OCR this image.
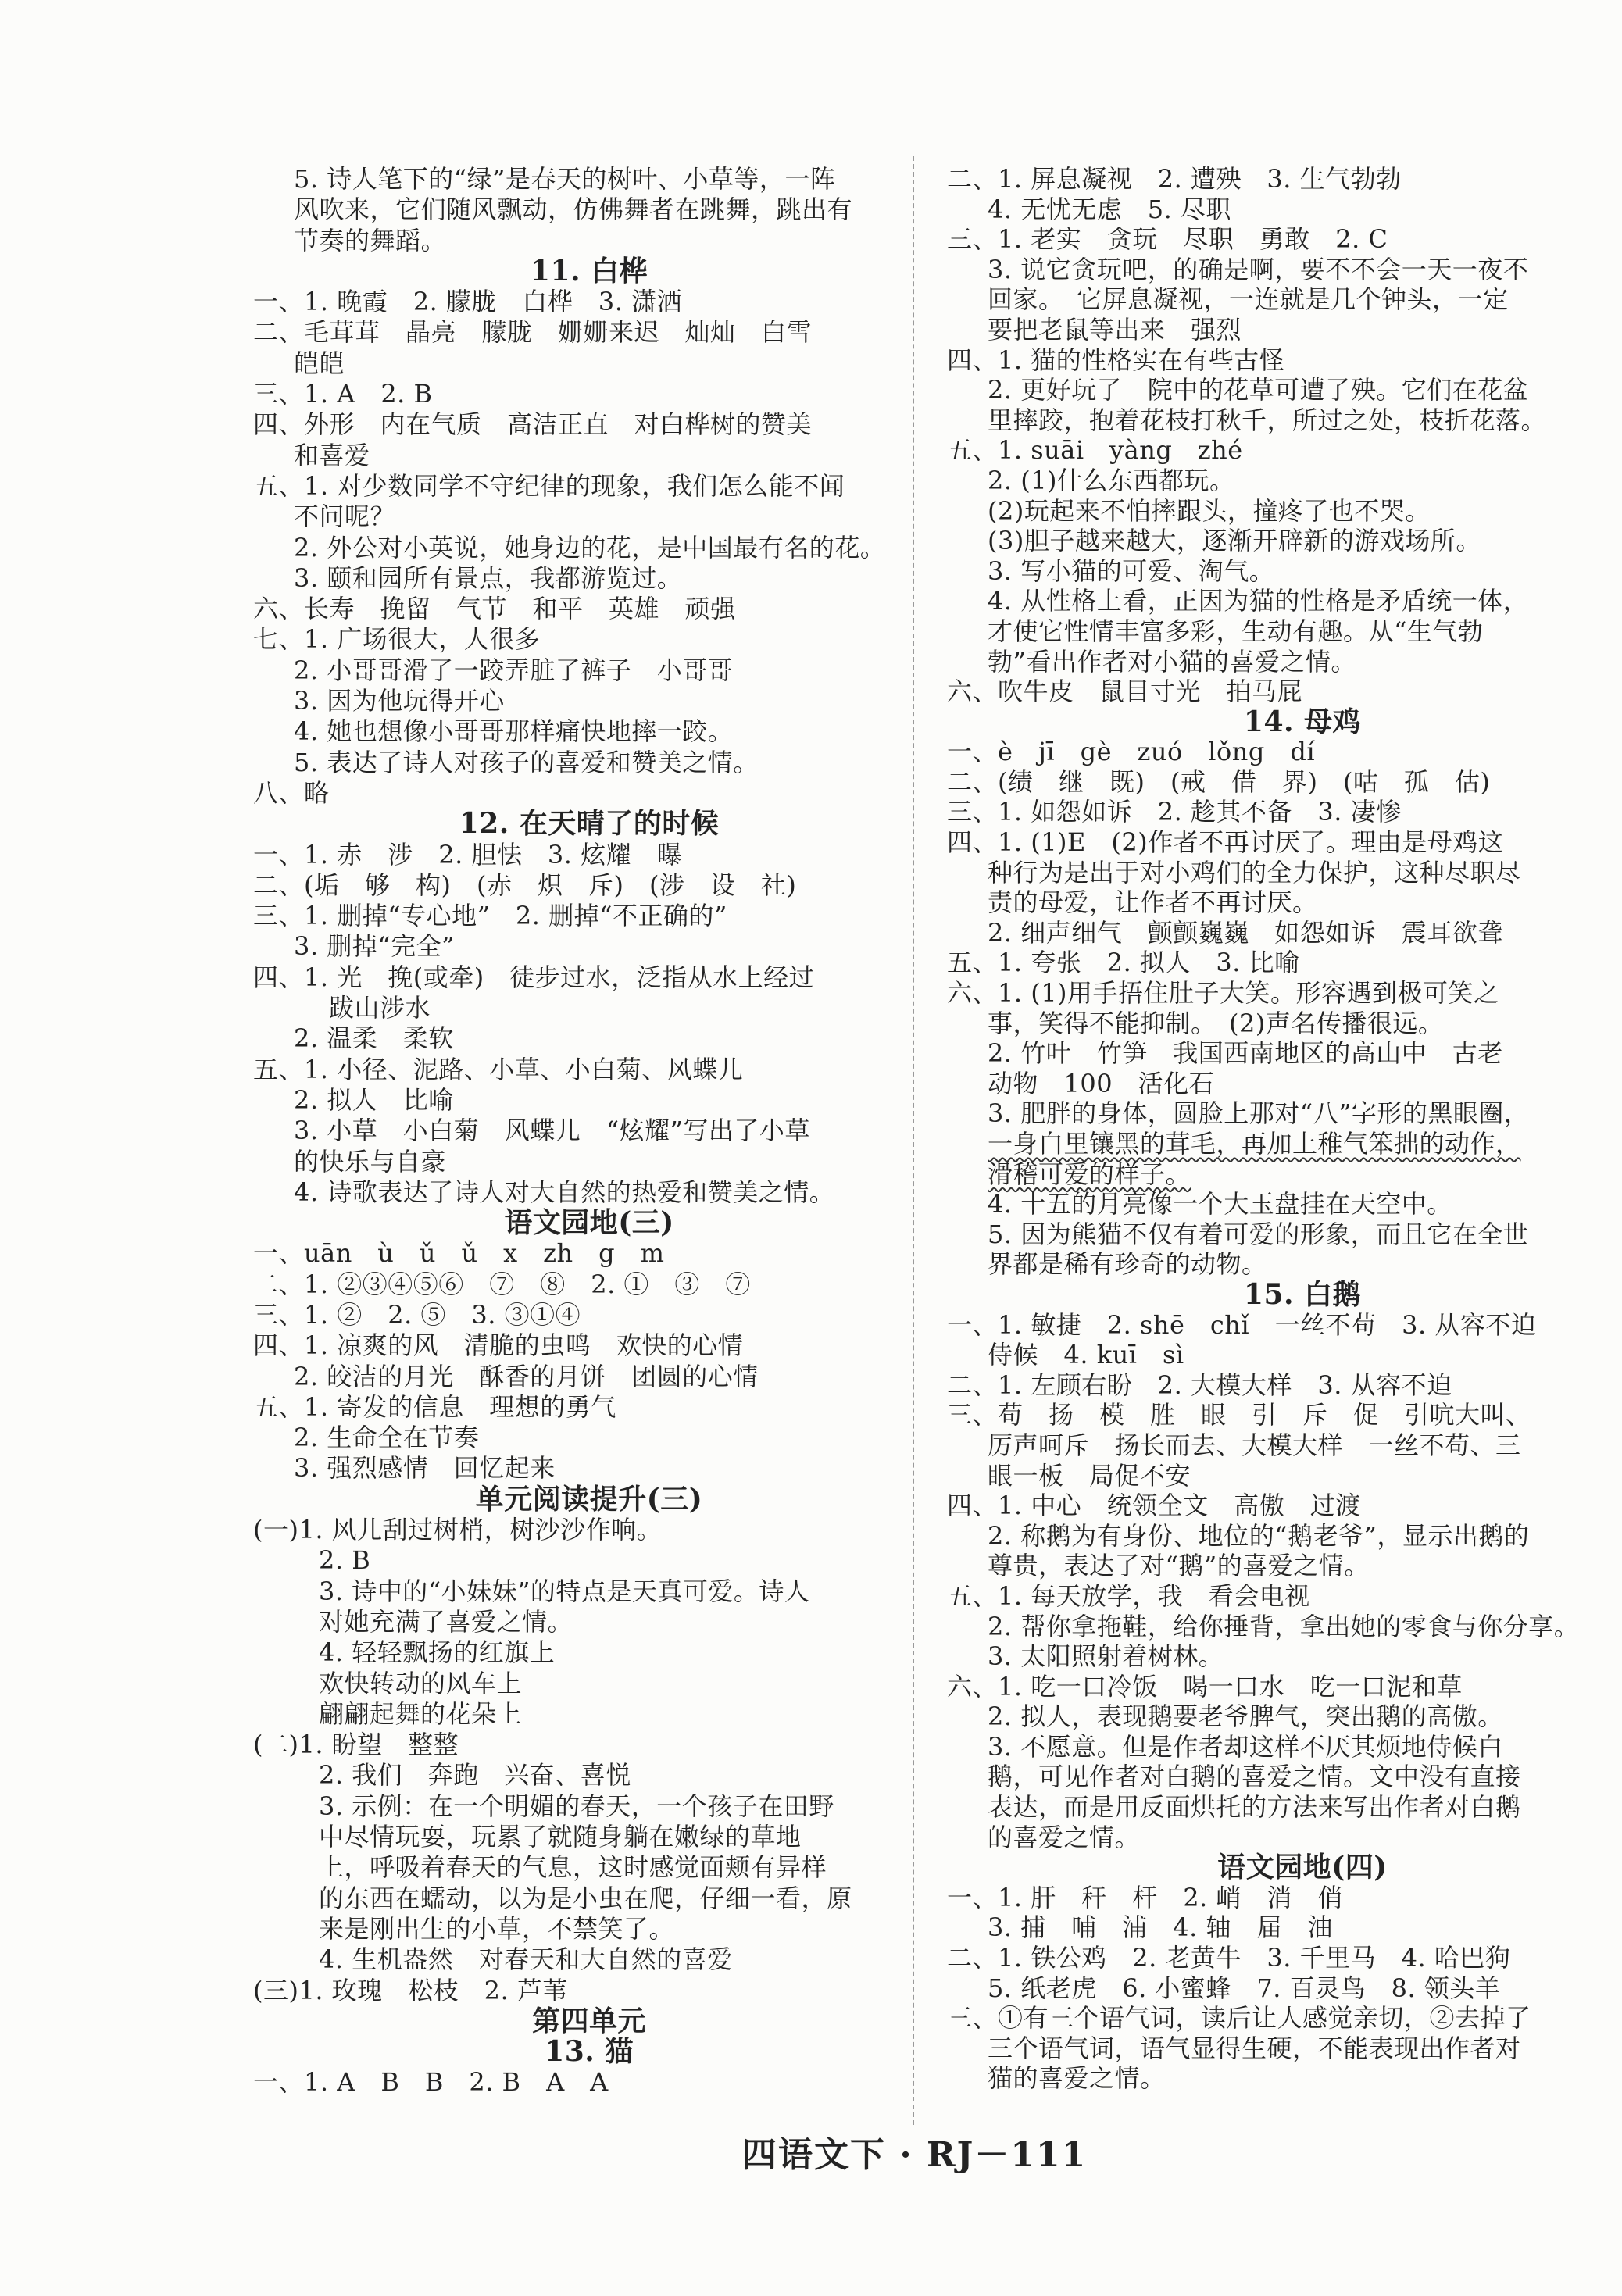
5. 诗人笔下的“绿”是春天的树叶、小草等，一阵
风吹来，它们随风飘动，仿佛舞者在跳舞，跳出有
节奏的舞蹈。
11. 白桦
一、1. 晚霞　2. 朦胧　白桦　3. 潇洒
二、毛茸茸　晶亮　朦胧　姗姗来迟　灿灿　白雪
皑皑
三、1. A　2. B
四、外形　内在气质　高洁正直　对白桦树的赞美
和喜爱
五、1. 对少数同学不守纪律的现象，我们怎么能不闻
不问呢？
2. 外公对小英说，她身边的花，是中国最有名的花。
3. 颐和园所有景点，我都游览过。
六、长寿　挽留　气节　和平　英雄　顽强
七、1. 广场很大，人很多
2. 小哥哥滑了一跤弄脏了裤子　小哥哥
3. 因为他玩得开心
4. 她也想像小哥哥那样痛快地摔一跤。
5. 表达了诗人对孩子的喜爱和赞美之情。
八、略
12. 在天晴了的时候
一、1. 赤　涉　2. 胆怯　3. 炫耀　曝
二、(垢　够　构)　(赤　炽　斥)　(涉　设　社)
三、1. 删掉“专心地”　2. 删掉“不正确的”
3. 删掉“完全”
四、1. 光　挽(或牵)　徒步过水，泛指从水上经过
跋山涉水
2. 温柔　柔软
五、1. 小径、泥路、小草、小白菊、风蝶儿
2. 拟人　比喻
3. 小草　小白菊　风蝶儿　“炫耀”写出了小草
的快乐与自豪
4. 诗歌表达了诗人对大自然的热爱和赞美之情。
语文园地(三)
一、uān　ù　ǔ　ǔ　x　zh　g　m
二、1. ②③④⑤⑥　⑦　⑧　2. ①　③　⑦
三、1. ②　2. ⑤　3. ③①④
四、1. 凉爽的风　清脆的虫鸣　欢快的心情
2. 皎洁的月光　酥香的月饼　团圆的心情
五、1. 寄发的信息　理想的勇气
2. 生命全在节奏
3. 强烈感情　回忆起来
单元阅读提升(三)
(一)1. 风儿刮过树梢，树沙沙作响。
2. B
3. 诗中的“小妹妹”的特点是天真可爱。诗人
对她充满了喜爱之情。
4. 轻轻飘扬的红旗上
欢快转动的风车上
翩翩起舞的花朵上
(二)1. 盼望　整整
2. 我们　奔跑　兴奋、喜悦
3. 示例：在一个明媚的春天，一个孩子在田野
中尽情玩耍，玩累了就随身躺在嫩绿的草地
上，呼吸着春天的气息，这时感觉面颊有异样
的东西在蠕动，以为是小虫在爬，仔细一看，原
来是刚出生的小草，不禁笑了。
4. 生机盎然　对春天和大自然的喜爱
(三)1. 玫瑰　松枝　2. 芦苇
第四单元
13. 猫
一、1. A　B　B　2. B　A　A
二、1. 屏息凝视　2. 遭殃　3. 生气勃勃
4. 无忧无虑　5. 尽职
三、1. 老实　贪玩　尽职　勇敢　2. C
3. 说它贪玩吧，的确是啊，要不不会一天一夜不
回家。　它屏息凝视，一连就是几个钟头，一定
要把老鼠等出来　强烈
四、1. 猫的性格实在有些古怪
2. 更好玩了　院中的花草可遭了殃。它们在花盆
里摔跤，抱着花枝打秋千，所过之处，枝折花落。
五、1. suāi　yàng　zhé
2. (1)什么东西都玩。
(2)玩起来不怕摔跟头，撞疼了也不哭。
(3)胆子越来越大，逐渐开辟新的游戏场所。
3. 写小猫的可爱、淘气。
4. 从性格上看，正因为猫的性格是矛盾统一体，
才使它性情丰富多彩，生动有趣。从“生气勃
勃”看出作者对小猫的喜爱之情。
六、吹牛皮　鼠目寸光　拍马屁
14. 母鸡
一、è　jī　gè　zuó　lǒng　dí
二、(绩　继　既)　(戒　借　界)　(咕　孤　估)
三、1. 如怨如诉　2. 趁其不备　3. 凄惨
四、1. (1)E　(2)作者不再讨厌了。理由是母鸡这
种行为是出于对小鸡们的全力保护，这种尽职尽
责的母爱，让作者不再讨厌。
2. 细声细气　颤颤巍巍　如怨如诉　震耳欲聋
五、1. 夸张　2. 拟人　3. 比喻
六、1. (1)用手捂住肚子大笑。形容遇到极可笑之
事，笑得不能抑制。　(2)声名传播很远。
2. 竹叶　竹笋　我国西南地区的高山中　古老
动物　100　活化石
3. 肥胖的身体，圆脸上那对“八”字形的黑眼圈，
一身白里镶黑的茸毛，再加上稚气笨拙的动作，
滑稽可爱的样子。
4. 十五的月亮像一个大玉盘挂在天空中。
5. 因为熊猫不仅有着可爱的形象，而且它在全世
界都是稀有珍奇的动物。
15. 白鹅
一、1. 敏捷　2. shē　chǐ　一丝不苟　3. 从容不迫
侍候　4. kuī　sì
二、1. 左顾右盼　2. 大模大样　3. 从容不迫
三、苟　扬　模　胜　眼　引　斥　促　引吭大叫、
厉声呵斥　扬长而去、大模大样　一丝不苟、三
眼一板　局促不安
四、1. 中心　统领全文　高傲　过渡
2. 称鹅为有身份、地位的“鹅老爷”，显示出鹅的
尊贵，表达了对“鹅”的喜爱之情。
五、1. 每天放学，我　看会电视
2. 帮你拿拖鞋，给你捶背，拿出她的零食与你分享。
3. 太阳照射着树林。
六、1. 吃一口冷饭　喝一口水　吃一口泥和草
2. 拟人，表现鹅要老爷脾气，突出鹅的高傲。
3. 不愿意。但是作者却这样不厌其烦地侍候白
鹅，可见作者对白鹅的喜爱之情。文中没有直接
表达，而是用反面烘托的方法来写出作者对白鹅
的喜爱之情。
语文园地(四)
一、1. 肝　秆　杆　2. 峭　消　俏
3. 捕　哺　浦　4. 轴　届　油
二、1. 铁公鸡　2. 老黄牛　3. 千里马　4. 哈巴狗
5. 纸老虎　6. 小蜜蜂　7. 百灵鸟　8. 领头羊
三、①有三个语气词，读后让人感觉亲切，②去掉了
三个语气词，语气显得生硬，不能表现出作者对
猫的喜爱之情。
四语文下 · RJ－111
